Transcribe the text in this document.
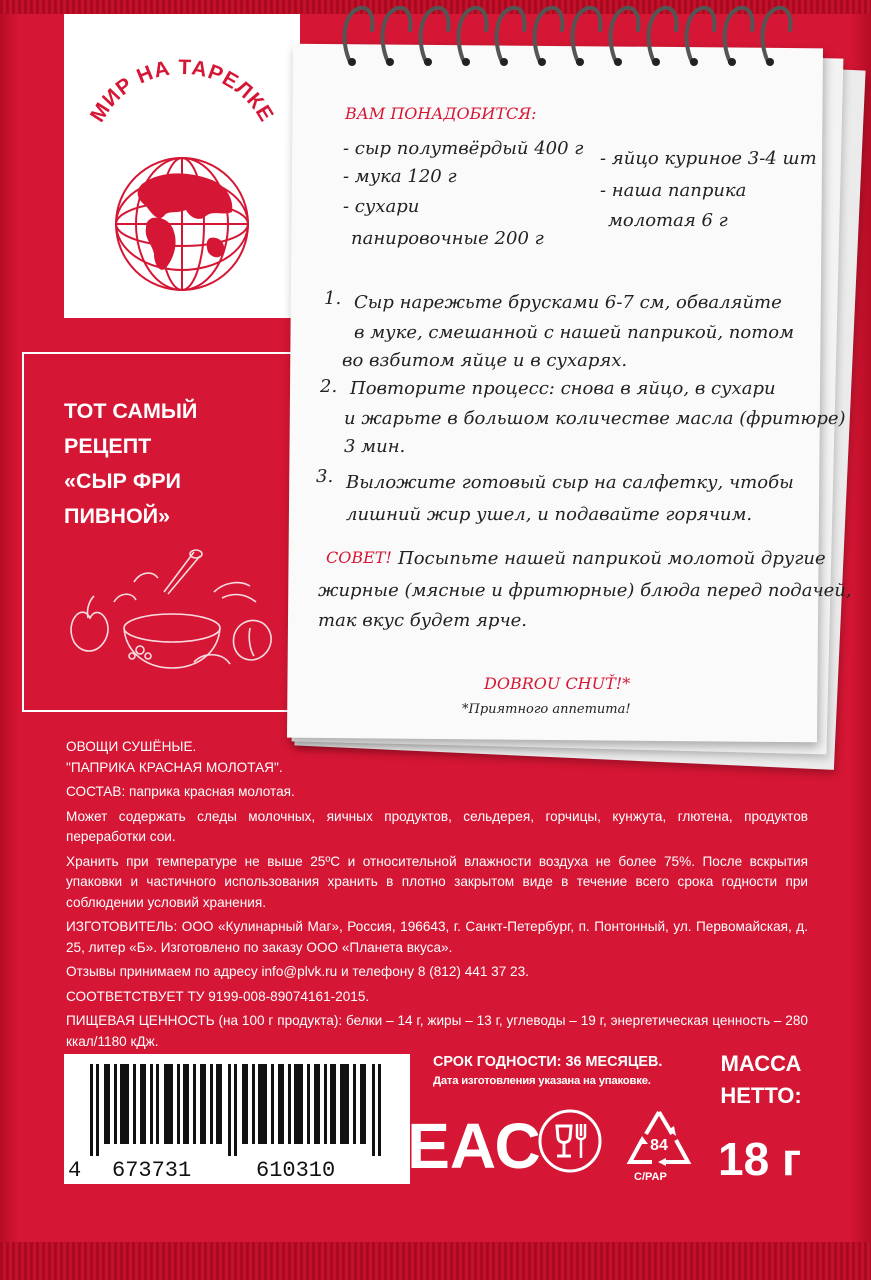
МИР НА ТАРЕЛКЕ
ТОТ САМЫЙ
РЕЦЕПТ
«СЫР ФРИ
ПИВНОЙ»
ВАМ ПОНАДОБИТСЯ:
- сыр полутвёрдый 400 г
- мука 120 г
- сухари
панировочные 200 г
- яйцо куриное 3-4 шт
- наша паприка
молотая 6 г
1. Сыр нарежьте брусками 6-7 см, обваляйте
в муке, смешанной с нашей паприкой, потом
во взбитом яйце и в сухарях.
2. Повторите процесс: снова в яйцо, в сухари
и жарьте в большом количестве масла (фритюре)
3 мин.
3. Выложите готовый сыр на салфетку, чтобы
лишний жир ушел, и подавайте горячим.
СОВЕТ! Посыпьте нашей паприкой молотой другие
жирные (мясные и фритюрные) блюда перед подачей,
так вкус будет ярче.
DOBROU CHUŤ!*
*Приятного аппетита!
ОВОЩИ СУШЁНЫЕ.

"ПАПРИКА КРАСНАЯ МОЛОТАЯ".

СОСТАВ: паприка красная молотая.

Может содержать следы молочных, яичных продуктов, сельдерея, горчицы, кунжута, глютена, продуктов переработки сои.

Хранить при температуре не выше 25ºС и относительной влажности воздуха не более 75%. После вскрытия упаковки и частичного использования хранить в плотно закрытом виде в течение всего срока годности при соблюдении условий хранения.

ИЗГОТОВИТЕЛЬ: ООО «Кулинарный Маг», Россия, 196643, г. Санкт-Петербург, п. Понтонный, ул. Первомайская, д. 25, литер «Б». Изготовлено по заказу ООО «Планета вкуса».

Отзывы принимаем по адресу info@plvk.ru и телефону 8 (812) 441 37 23.

СООТВЕТСТВУЕТ ТУ 9199-008-89074161-2015.

ПИЩЕВАЯ ЦЕННОСТЬ (на 100 г продукта): белки – 14 г, жиры – 13 г, углеводы – 19 г, энергетическая ценность – 280 ккал/1180 кДж.

4 673731	610310
СРОК ГОДНОСТИ: 36 МЕСЯЦЕВ.
Дата изготовления указана на упаковке.
МАССА НЕТТО:
18 г
ЕАС	84
C/PAP
